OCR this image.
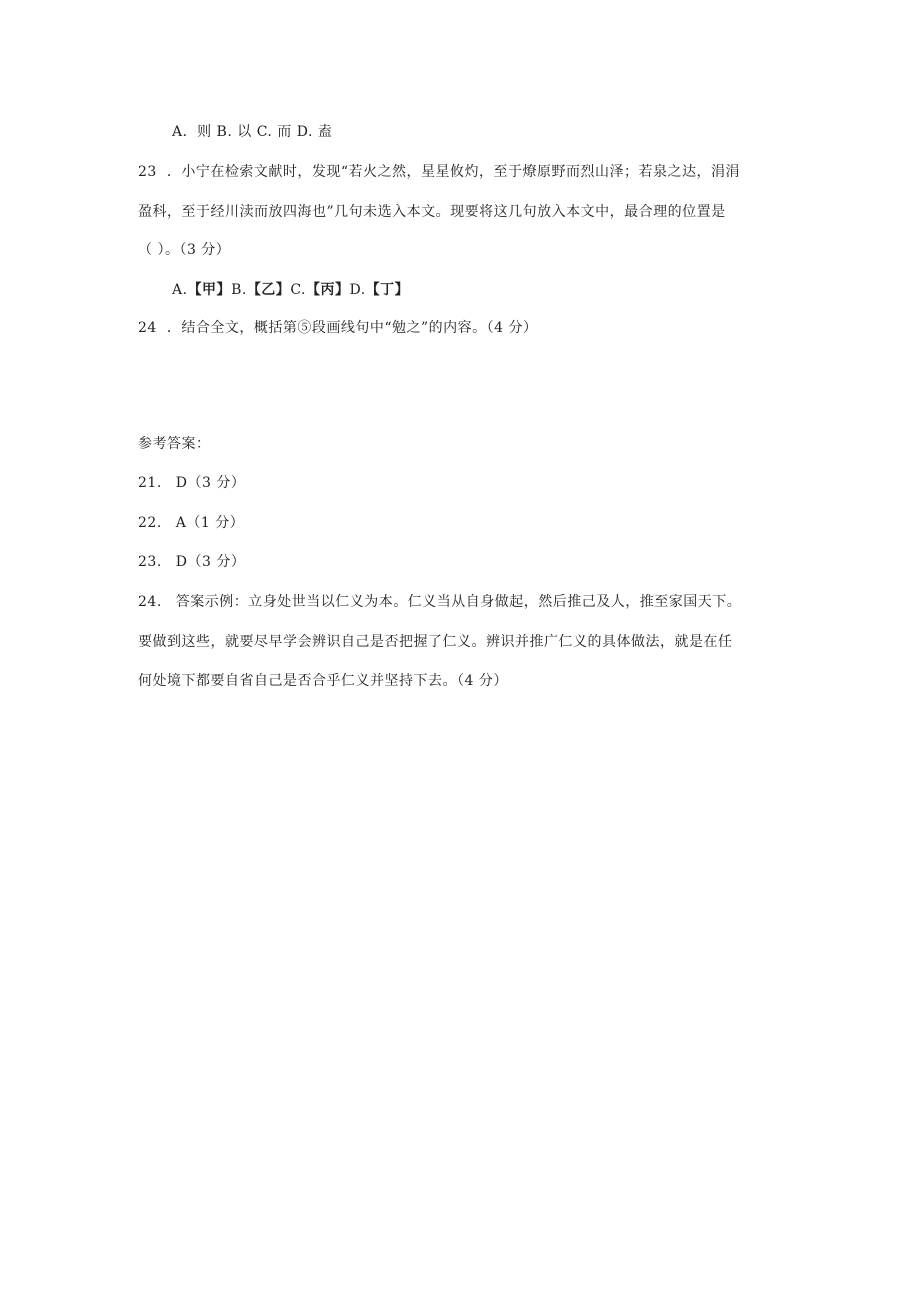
A．则 B. 以 C. 而 D. 盍
23 ．小宁在检索文献时，发现“若火之然，星星攸灼，至于燎原野而烈山泽；若泉之达，涓涓
盈科，至于经川渎而放四海也”几句未选入本文。现要将这几句放入本文中，最合理的位置是
（ ）。（3 分）
A.【甲】B.【乙】C.【丙】D.【丁】
24 ．结合全文，概括第⑤段画线句中“勉之”的内容。（4 分）
参考答案：
21. D（3 分）
22. A（1 分）
23. D（3 分）
24. 答案示例：立身处世当以仁义为本。仁义当从自身做起，然后推己及人，推至家国天下。
要做到这些，就要尽早学会辨识自己是否把握了仁义。辨识并推广仁义的具体做法，就是在任
何处境下都要自省自己是否合乎仁义并坚持下去。（4 分）
